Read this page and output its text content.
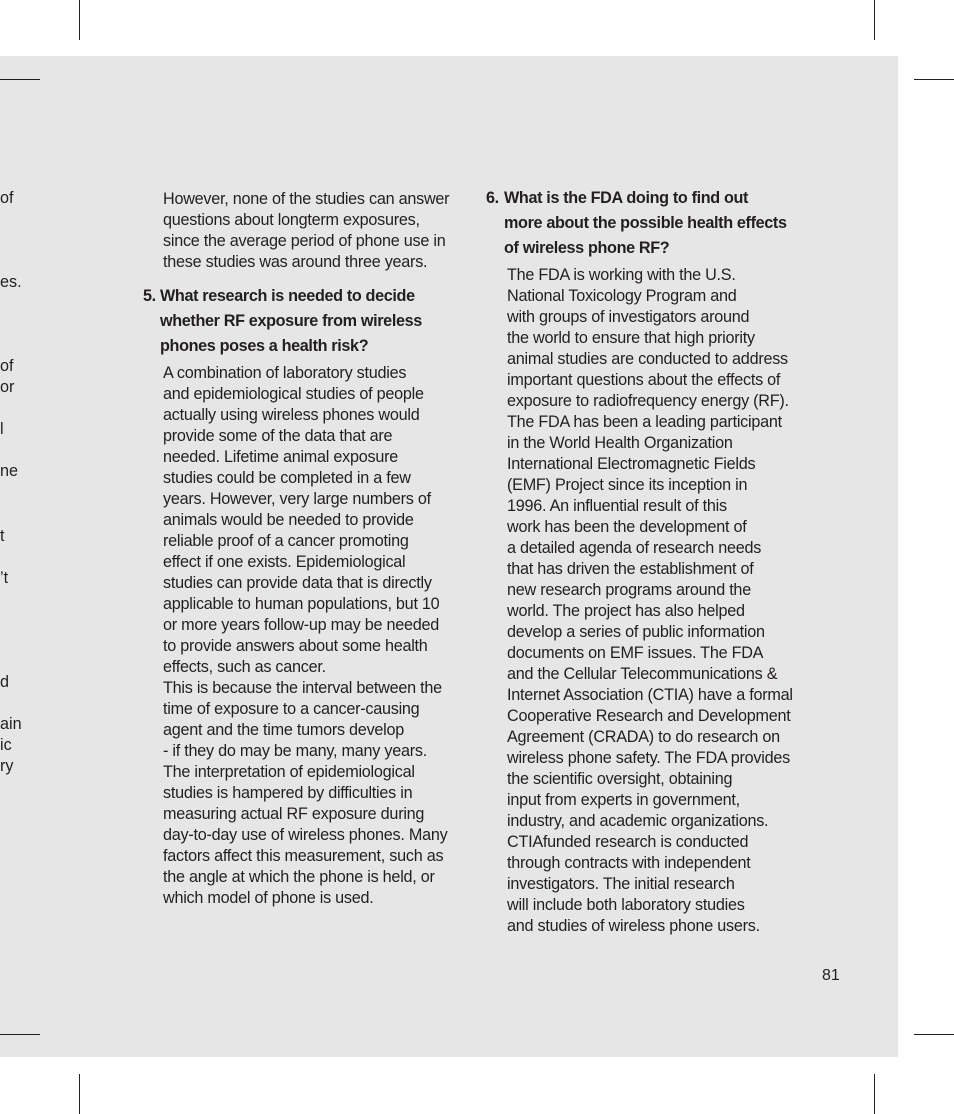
of
es.
of
or
l
ne
t
’t
d
ain
ic
ry

However, none of the studies can answer

questions about longterm exposures,

since the average period of phone use in

these studies was around three years.

5. What research is needed to decide

whether RF exposure from wireless

phones poses a health risk?

A combination of laboratory studies

and epidemiological studies of people

actually using wireless phones would

provide some of the data that are

needed. Lifetime animal exposure

studies could be completed in a few

years. However, very large numbers of

animals would be needed to provide

reliable proof of a cancer promoting

effect if one exists. Epidemiological

studies can provide data that is directly

applicable to human populations, but 10

or more years follow-up may be needed

to provide answers about some health

effects, such as cancer.

This is because the interval between the

time of exposure to a cancer-causing

agent and the time tumors develop

- if they do may be many, many years.

The interpretation of epidemiological

studies is hampered by difficulties in

measuring actual RF exposure during

day-to-day use of wireless phones. Many

factors affect this measurement, such as

the angle at which the phone is held, or

which model of phone is used.

6. What is the FDA doing to find out

more about the possible health effects

of wireless phone RF?

The FDA is working with the U.S.

National Toxicology Program and

with groups of investigators around

the world to ensure that high priority

animal studies are conducted to address

important questions about the effects of

exposure to radiofrequency energy (RF).

The FDA has been a leading participant

in the World Health Organization

International Electromagnetic Fields

(EMF) Project since its inception in

1996. An influential result of this

work has been the development of

a detailed agenda of research needs

that has driven the establishment of

new research programs around the

world. The project has also helped

develop a series of public information

documents on EMF issues. The FDA

and the Cellular Telecommunications &

Internet Association (CTIA) have a formal

Cooperative Research and Development

Agreement (CRADA) to do research on

wireless phone safety. The FDA provides

the scientific oversight, obtaining

input from experts in government,

industry, and academic organizations.

CTIAfunded research is conducted

through contracts with independent

investigators. The initial research

will include both laboratory studies

and studies of wireless phone users.

81
